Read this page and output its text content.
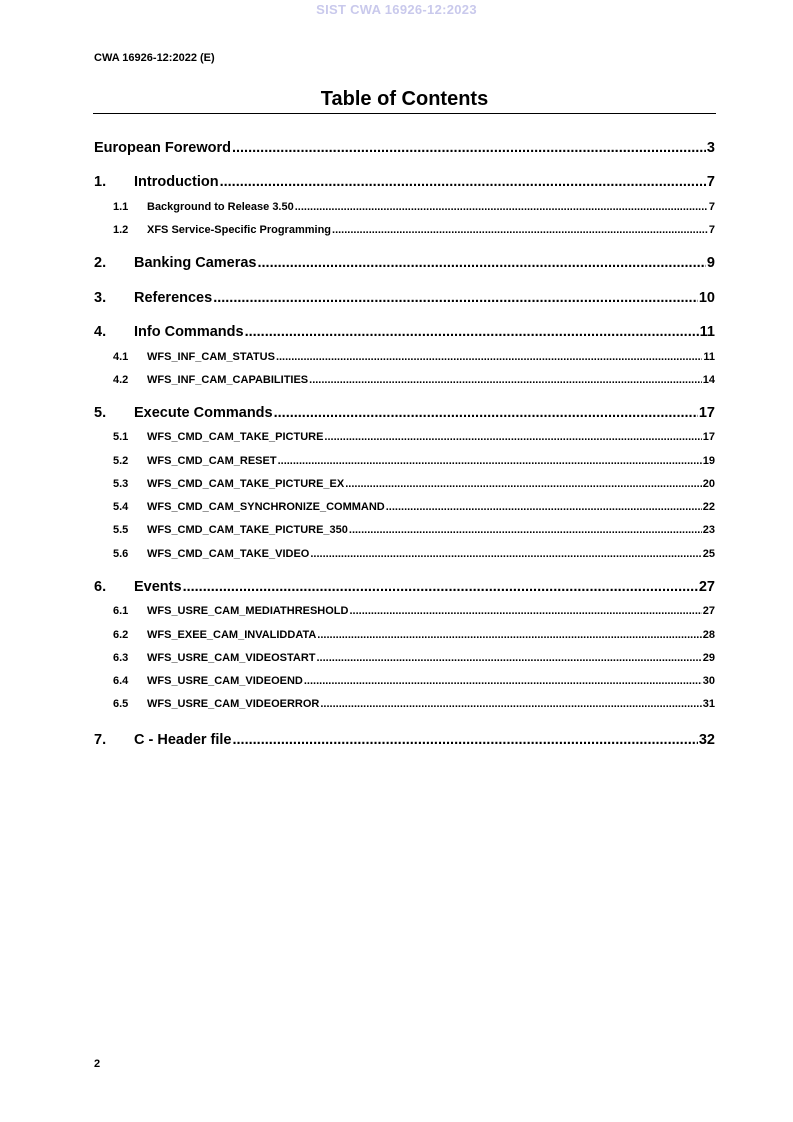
SIST CWA 16926-12:2023
CWA 16926-12:2022 (E)
Table of Contents
European Foreword .....	3
1.	Introduction .....	7
1.1	Background to Release 3.50 .....	7
1.2	XFS Service-Specific Programming .....	7
2.	Banking Cameras .....	9
3.	References .....	10
4.	Info Commands .....	11
4.1	WFS_INF_CAM_STATUS .....	11
4.2	WFS_INF_CAM_CAPABILITIES .....	14
5.	Execute Commands .....	17
5.1	WFS_CMD_CAM_TAKE_PICTURE .....	17
5.2	WFS_CMD_CAM_RESET .....	19
5.3	WFS_CMD_CAM_TAKE_PICTURE_EX .....	20
5.4	WFS_CMD_CAM_SYNCHRONIZE_COMMAND .....	22
5.5	WFS_CMD_CAM_TAKE_PICTURE_350 .....	23
5.6	WFS_CMD_CAM_TAKE_VIDEO .....	25
6.	Events .....	27
6.1	WFS_USRE_CAM_MEDIATHRESHOLD .....	27
6.2	WFS_EXEE_CAM_INVALIDDATA .....	28
6.3	WFS_USRE_CAM_VIDEOSTART .....	29
6.4	WFS_USRE_CAM_VIDEOEND .....	30
6.5	WFS_USRE_CAM_VIDEOERROR .....	31
7.	C - Header file .....	32
2
